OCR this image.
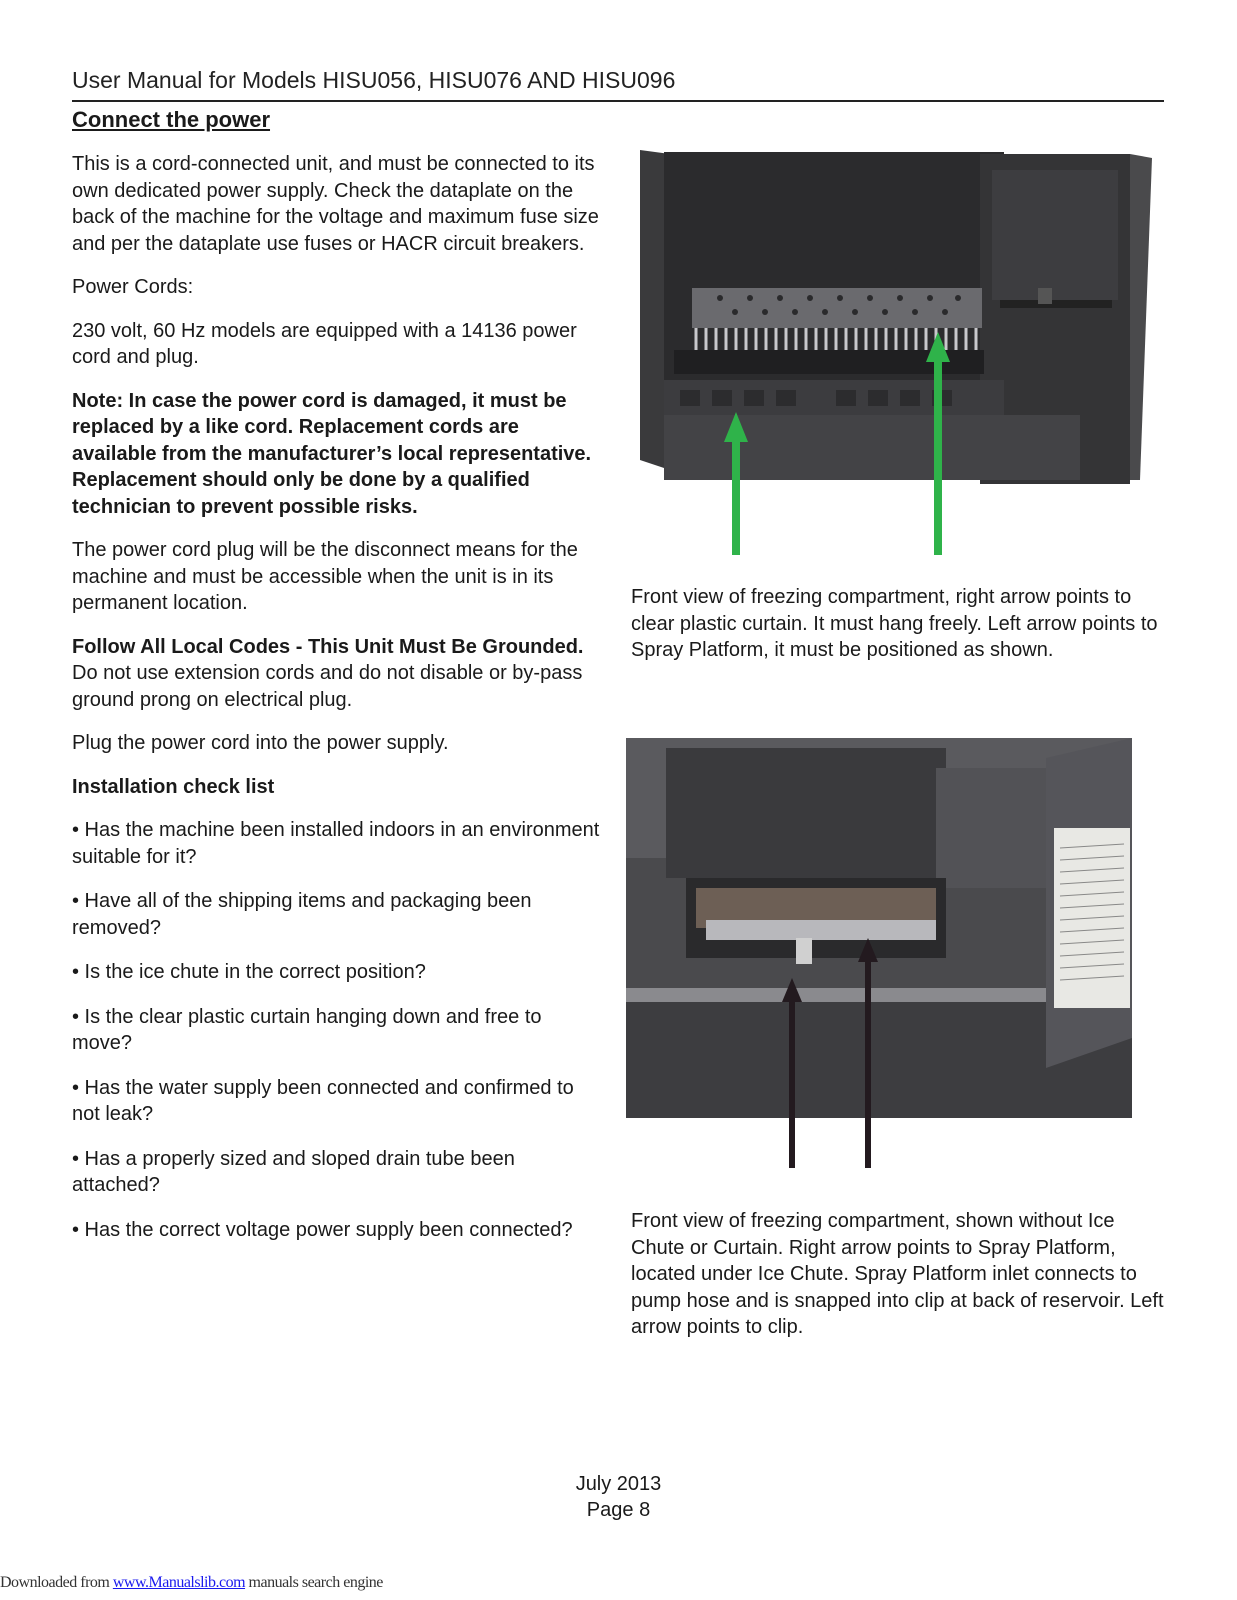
User Manual for Models HISU056, HISU076 AND HISU096
Connect the power

This is a cord-connected unit, and must be connected to its own dedicated power supply. Check the dataplate on the back of the machine for the voltage and maximum fuse size and per the dataplate use fuses or HACR circuit breakers.

Power Cords:

230 volt, 60 Hz models are equipped with a 14136 power cord and plug.

Note: In case the power cord is damaged, it must be replaced by a like cord. Replacement cords are available from the manufacturer’s local representative. Replacement should only be done by a qualified technician to prevent possible risks.

The power cord plug will be the disconnect means for the machine and must be accessible when the unit is in its permanent location.

Follow All Local Codes - This Unit Must Be Grounded. Do not use extension cords and do not disable or by-pass ground prong on electrical plug.

Plug the power cord into the power supply.

Installation check list

• Has the machine been installed indoors in an environment suitable for it?
• Have all of the shipping items and packaging been removed?
• Is the ice chute in the correct position?
• Is the clear plastic curtain hanging down and free to move?
• Has the water supply been connected and confirmed to not leak?
• Has a properly sized and sloped drain tube been attached?
• Has the correct voltage power supply been connected?
Front view of freezing compartment, right arrow points to clear plastic curtain. It must hang freely. Left arrow points to Spray Platform, it must be positioned as shown.
Front view of freezing compartment, shown without Ice Chute or Curtain. Right arrow points to Spray Platform, located under Ice Chute. Spray Platform inlet connects to pump hose and is snapped into clip at back of reservoir. Left arrow points to clip.
July 2013
Page 8
Downloaded from www.Manualslib.com manuals search engine
